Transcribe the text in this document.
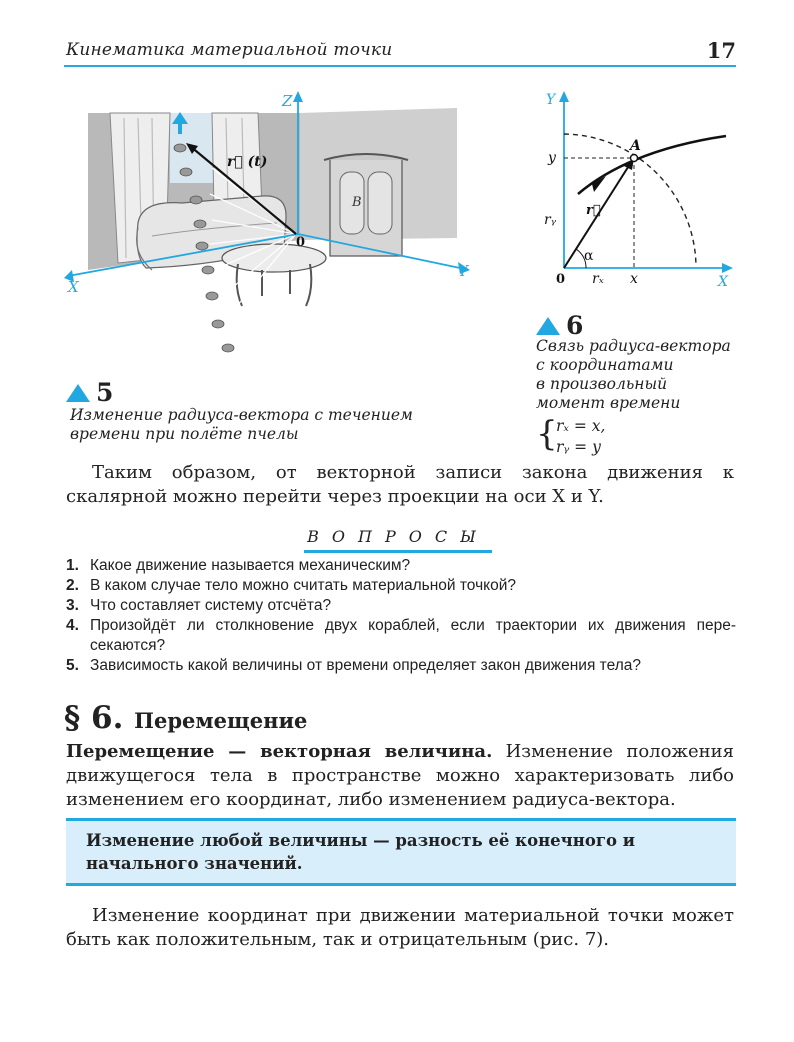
Кинематика материальной точки	17
B
Z
X
Y
0
r⃗ (t)
5
Изменение радиуса-вектора с течением
времени при полёте пчелы
Y
X
A
y
x
r⃗
rᵧ
rₓ
α
0
6
Связь радиуса-вектора
с координатами
в произвольный
момент времени
{
rₓ = x,
rᵧ = y
Таким образом, от векторной записи закона движения к скалярной можно перейти через проекции на оси X и Y.
ВОПРОСЫ
1. Какое движение называется механическим?
2. В каком случае тело можно считать материальной точкой?
3. Что составляет систему отсчёта?
4. Произойдёт ли столкновение двух кораблей, если траектории их движения пере-секаются?
5. Зависимость какой величины от времени определяет закон движения тела?
§ 6. Перемещение
Перемещение — векторная величина. Изменение положения движущегося тела в пространстве можно характеризовать либо изменением его координат, либо изменением радиуса-вектора.
Изменение любой величины — разность её конечного и начального значений.
Изменение координат при движении материальной точки может быть как положительным, так и отрицательным (рис. 7).
